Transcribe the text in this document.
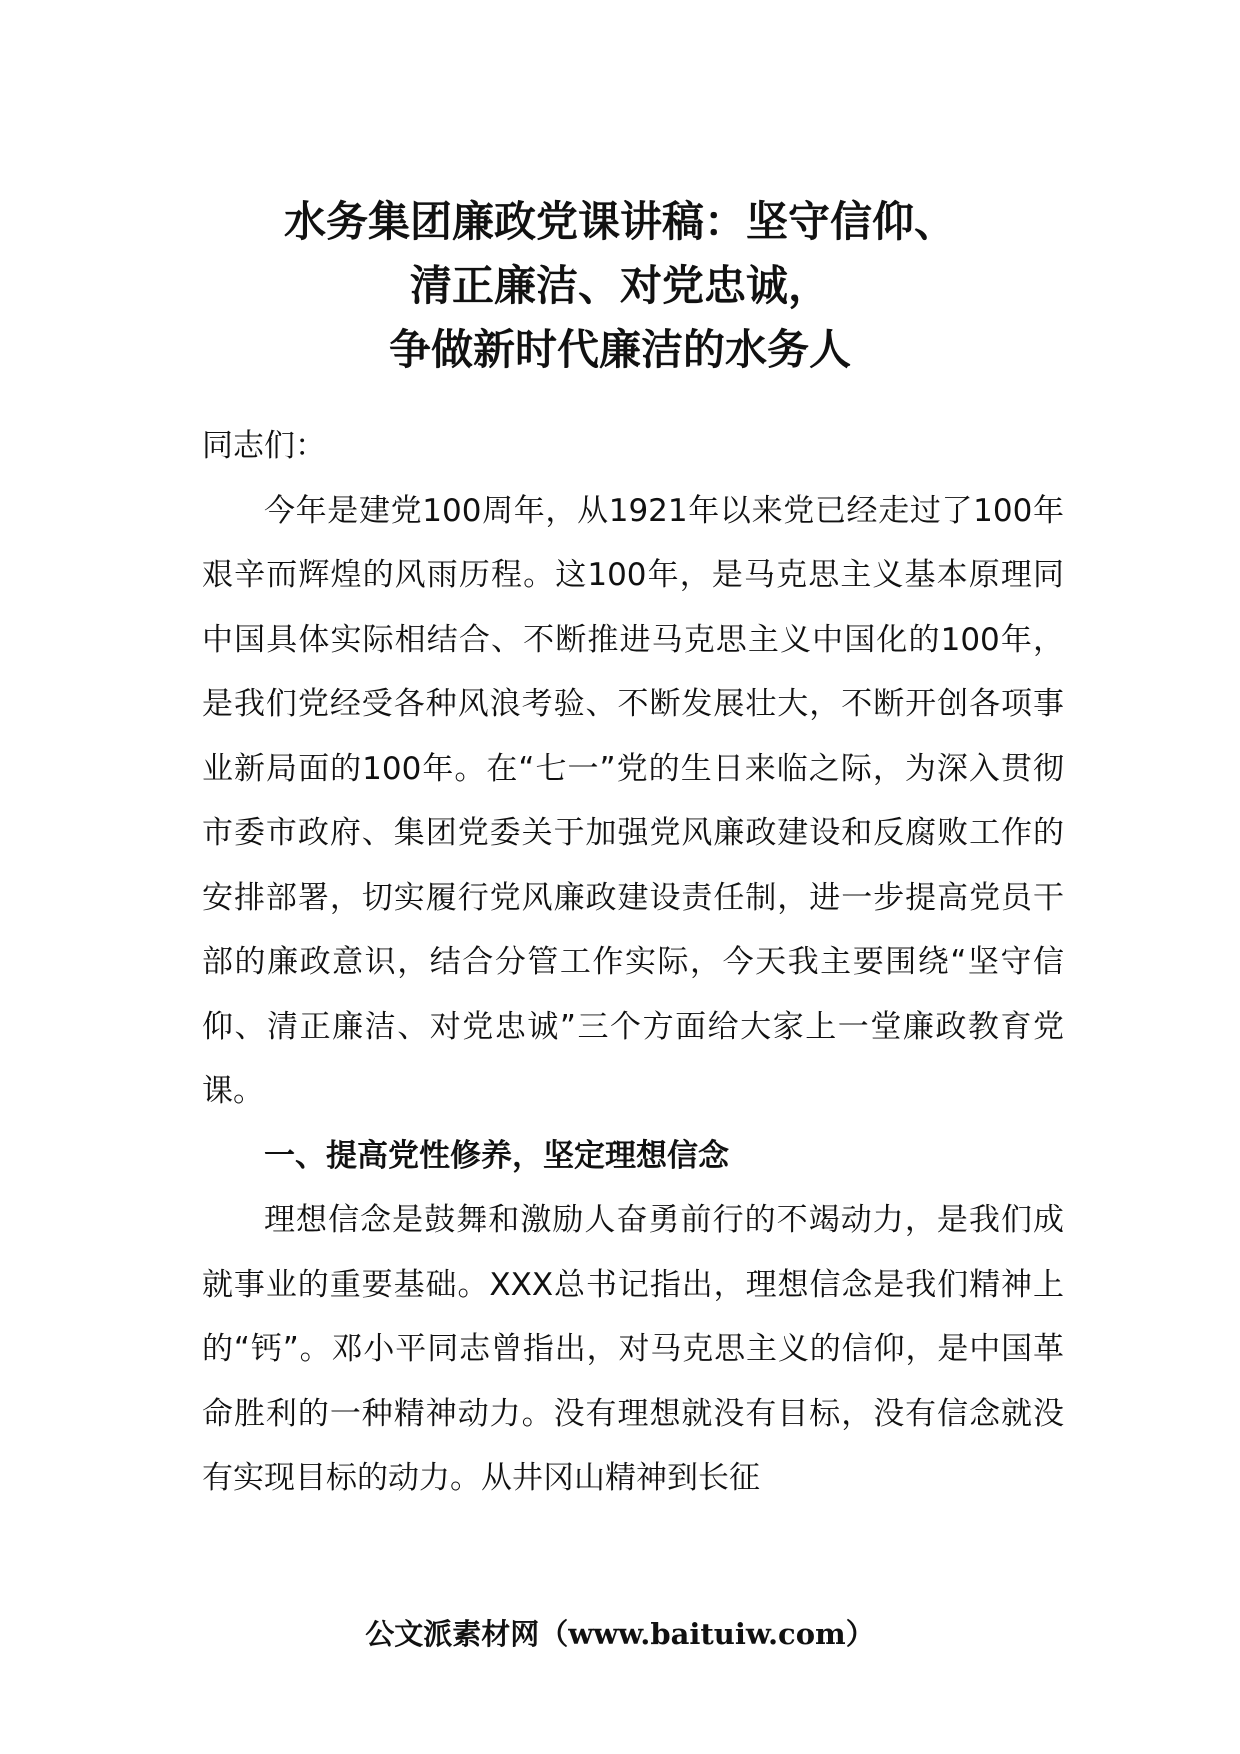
水务集团廉政党课讲稿：坚守信仰、
清正廉洁、对党忠诚，
争做新时代廉洁的水务人

同志们：

今年是建党100周年，从1921年以来党已经走过了100年艰辛而辉煌的风雨历程。这100年，是马克思主义基本原理同中国具体实际相结合、不断推进马克思主义中国化的100年，是我们党经受各种风浪考验、不断发展壮大，不断开创各项事业新局面的100年。在“七一”党的生日来临之际，为深入贯彻市委市政府、集团党委关于加强党风廉政建设和反腐败工作的安排部署，切实履行党风廉政建设责任制，进一步提高党员干部的廉政意识，结合分管工作实际，今天我主要围绕“坚守信仰、清正廉洁、对党忠诚”三个方面给大家上一堂廉政教育党课。

一、提高党性修养，坚定理想信念

理想信念是鼓舞和激励人奋勇前行的不竭动力，是我们成就事业的重要基础。XXX总书记指出，理想信念是我们精神上的“钙”。邓小平同志曾指出，对马克思主义的信仰，是中国革命胜利的一种精神动力。没有理想就没有目标，没有信念就没有实现目标的动力。从井冈山精神到长征

公文派素材网（www.baituiw.com）
